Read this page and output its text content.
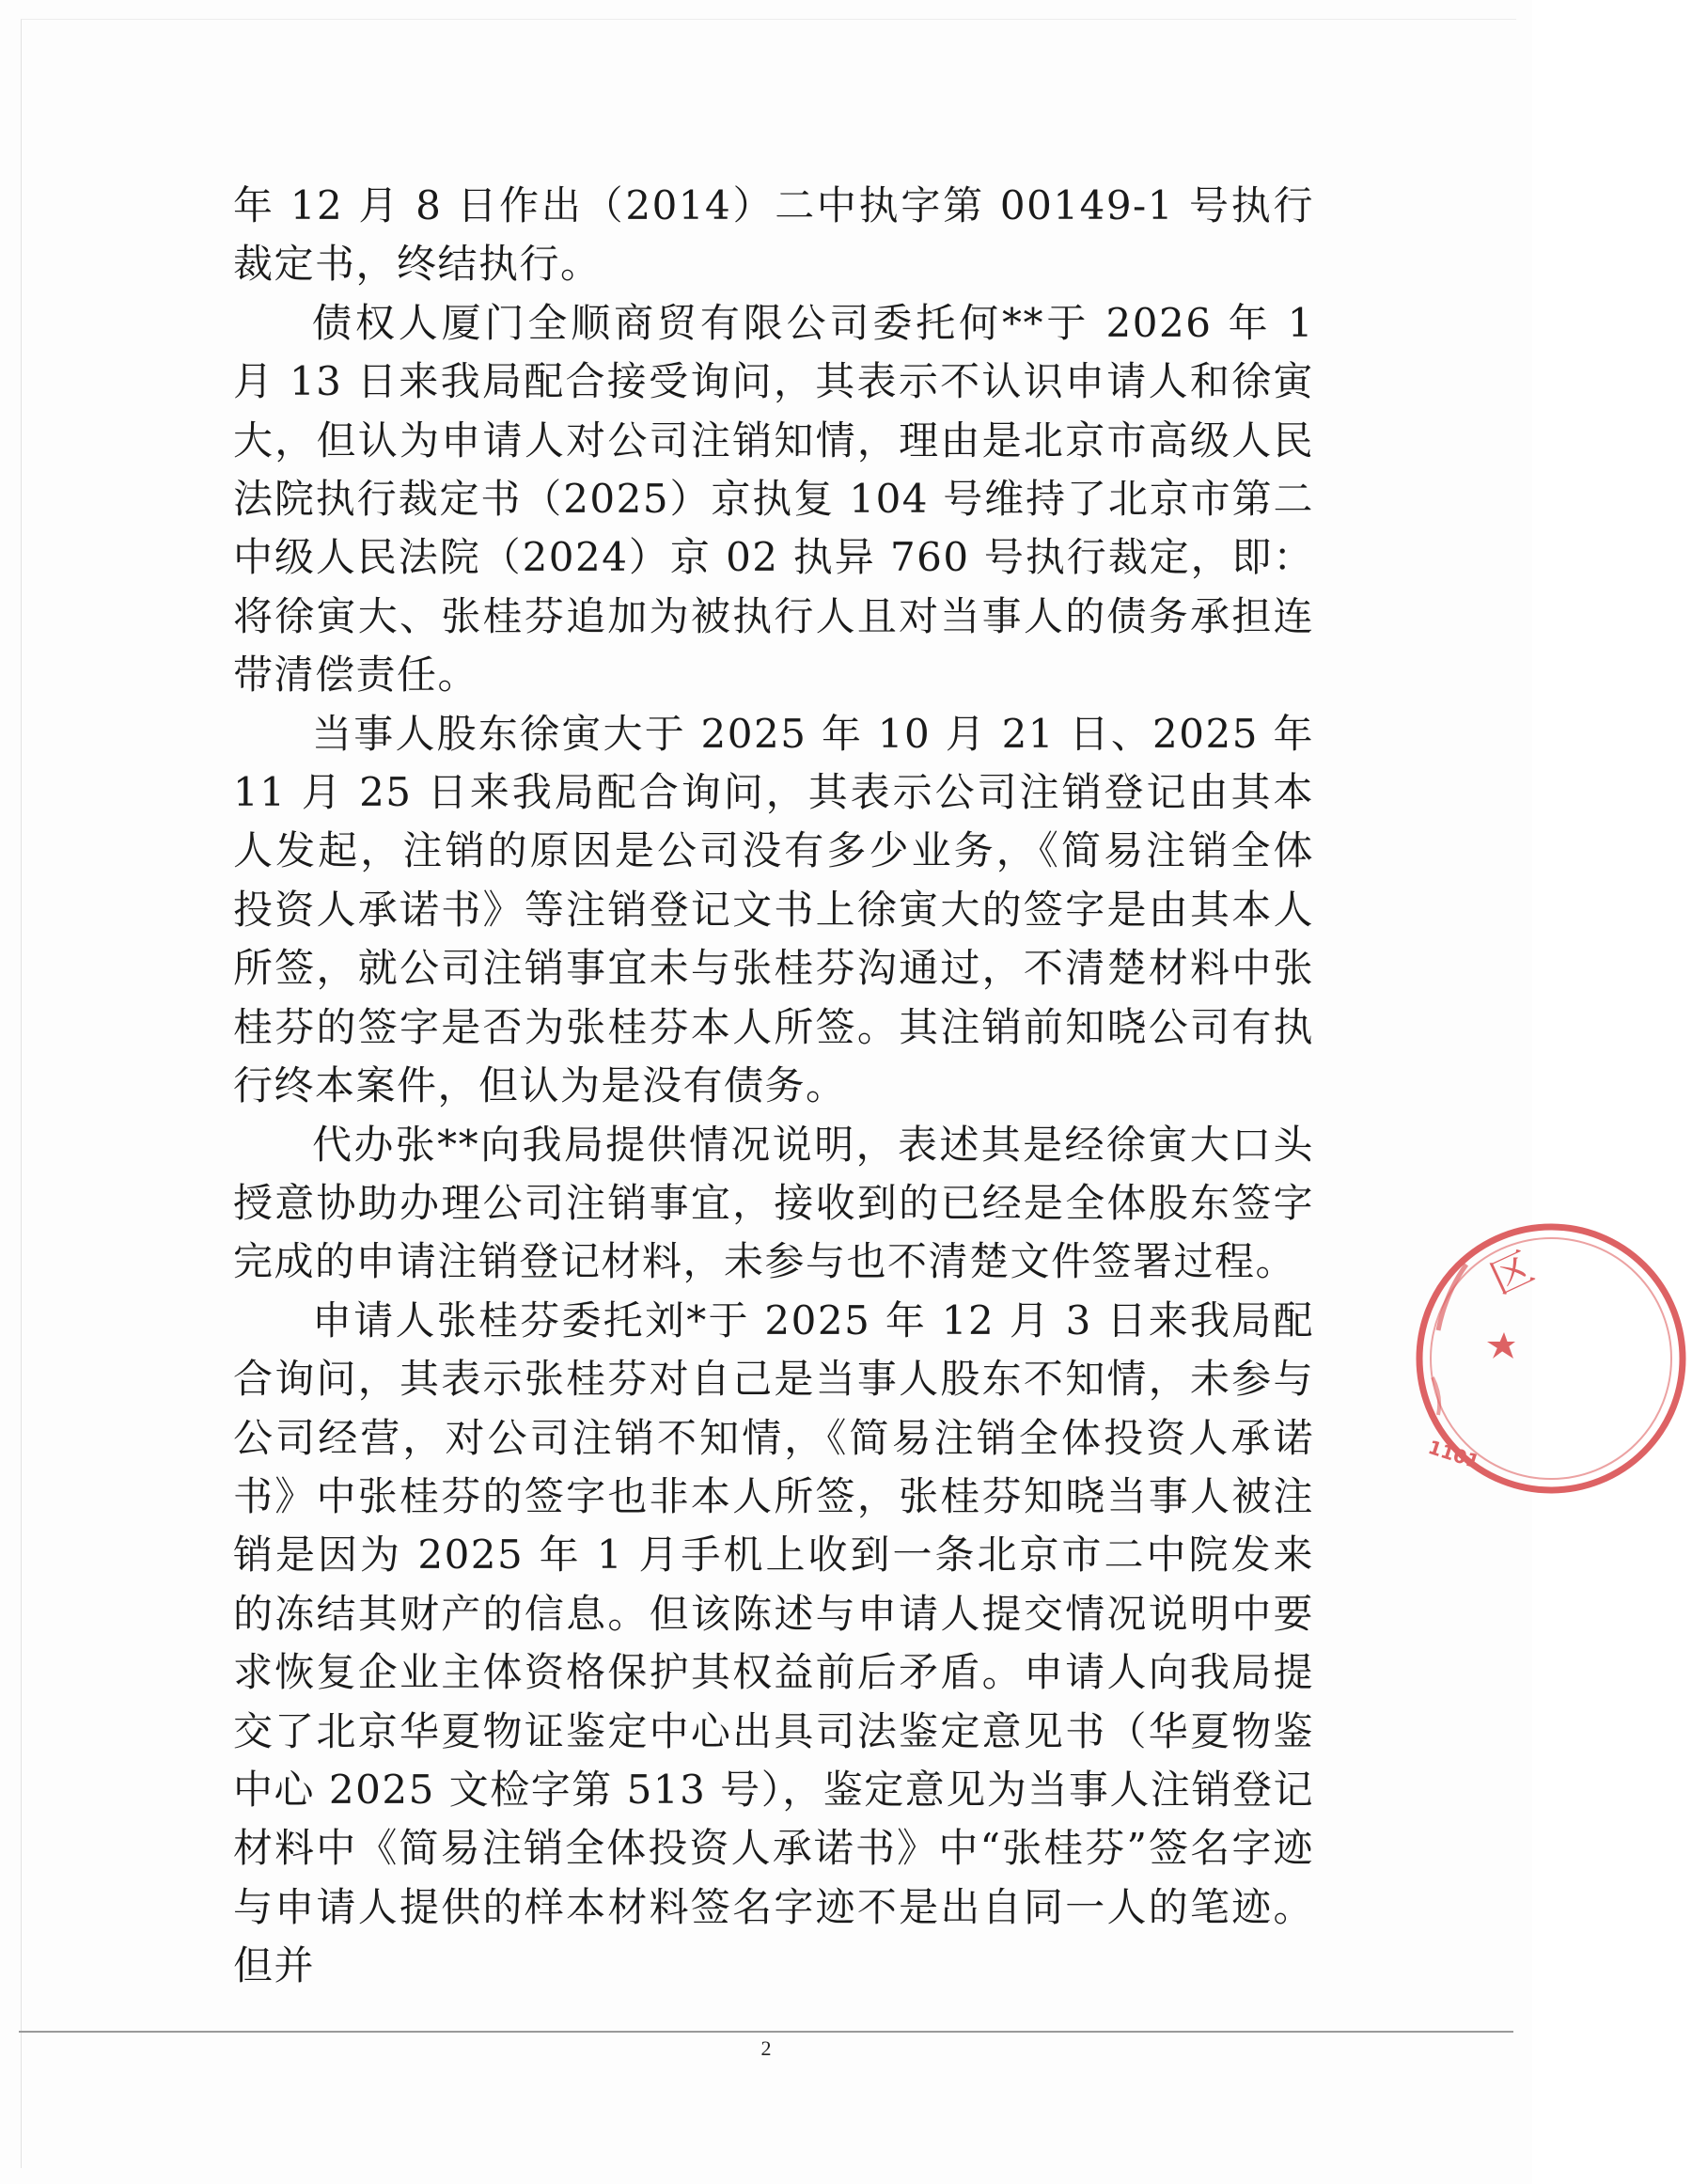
年 12 月 8 日作出（2014）二中执字第 00149-1 号执行裁定书，终结执行。

债权人厦门全顺商贸有限公司委托何**于 2026 年 1 月 13 日来我局配合接受询问，其表示不认识申请人和徐寅大，但认为申请人对公司注销知情，理由是北京市高级人民法院执行裁定书（2025）京执复 104 号维持了北京市第二中级人民法院（2024）京 02 执异 760 号执行裁定，即：将徐寅大、张桂芬追加为被执行人且对当事人的债务承担连带清偿责任。

当事人股东徐寅大于 2025 年 10 月 21 日、2025 年 11 月 25 日来我局配合询问，其表示公司注销登记由其本人发起，注销的原因是公司没有多少业务，《简易注销全体投资人承诺书》等注销登记文书上徐寅大的签字是由其本人所签，就公司注销事宜未与张桂芬沟通过，不清楚材料中张桂芬的签字是否为张桂芬本人所签。其注销前知晓公司有执行终本案件，但认为是没有债务。

代办张**向我局提供情况说明，表述其是经徐寅大口头授意协助办理公司注销事宜，接收到的已经是全体股东签字完成的申请注销登记材料，未参与也不清楚文件签署过程。

申请人张桂芬委托刘*于 2025 年 12 月 3 日来我局配合询问，其表示张桂芬对自己是当事人股东不知情，未参与公司经营，对公司注销不知情，《简易注销全体投资人承诺书》中张桂芬的签字也非本人所签，张桂芬知晓当事人被注销是因为 2025 年 1 月手机上收到一条北京市二中院发来的冻结其财产的信息。但该陈述与申请人提交情况说明中要求恢复企业主体资格保护其权益前后矛盾。申请人向我局提交了北京华夏物证鉴定中心出具司法鉴定意见书（华夏物鉴中心 2025 文检字第 513 号），鉴定意见为当事人注销登记材料中《简易注销全体投资人承诺书》中“张桂芬”签名字迹与申请人提供的样本材料签名字迹不是出自同一人的笔迹。但并

区
1101
2
